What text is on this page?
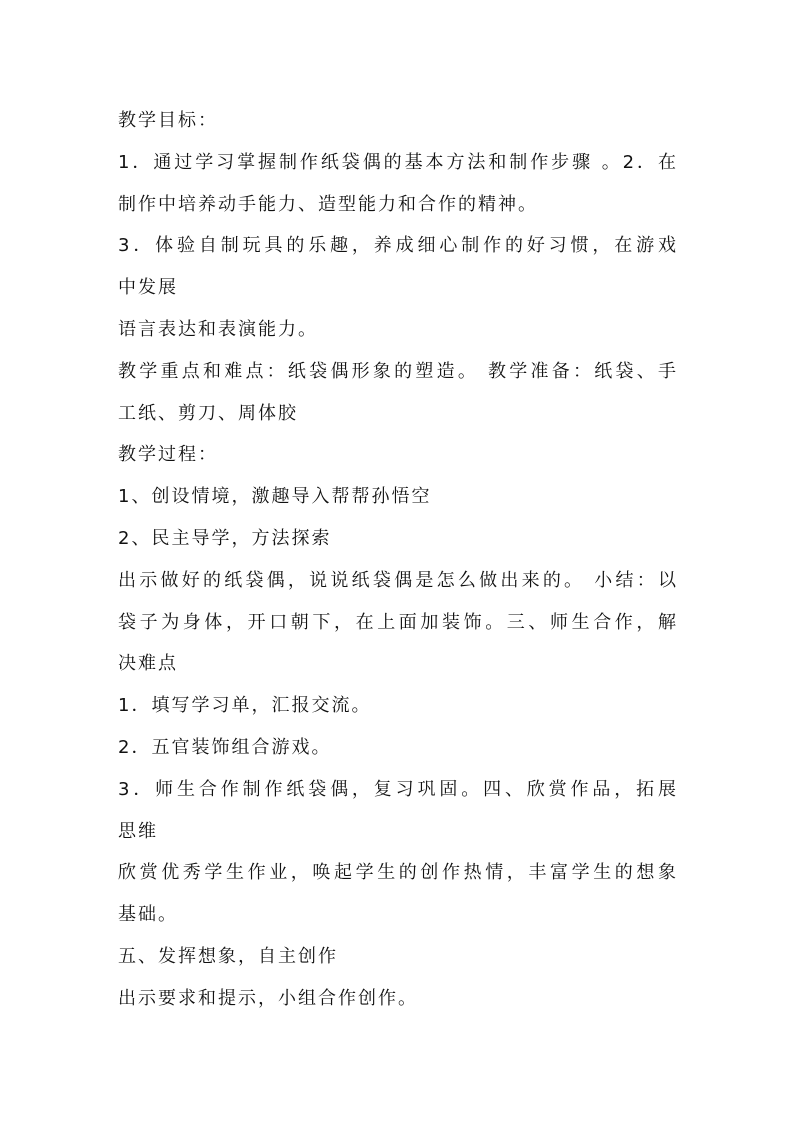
教学目标：
1．通过学习掌握制作纸袋偶的基本方法和制作步骤 。2．在
制作中培养动手能力、造型能力和合作的精神。
3．体验自制玩具的乐趣，养成细心制作的好习惯，在游戏
中发展
语言表达和表演能力。
教学重点和难点：纸袋偶形象的塑造。 教学准备：纸袋、手
工纸、剪刀、周体胶
教学过程：
1、创设情境，激趣导入帮帮孙悟空
2、民主导学，方法探索
出示做好的纸袋偶，说说纸袋偶是怎么做出来的。 小结：以
袋子为身体，开口朝下，在上面加装饰。三、师生合作，解
决难点
1．填写学习单，汇报交流。
2．五官装饰组合游戏。
3．师生合作制作纸袋偶，复习巩固。四、欣赏作品，拓展
思维
欣赏优秀学生作业，唤起学生的创作热情，丰富学生的想象
基础。
五、发挥想象，自主创作
出示要求和提示，小组合作创作。
